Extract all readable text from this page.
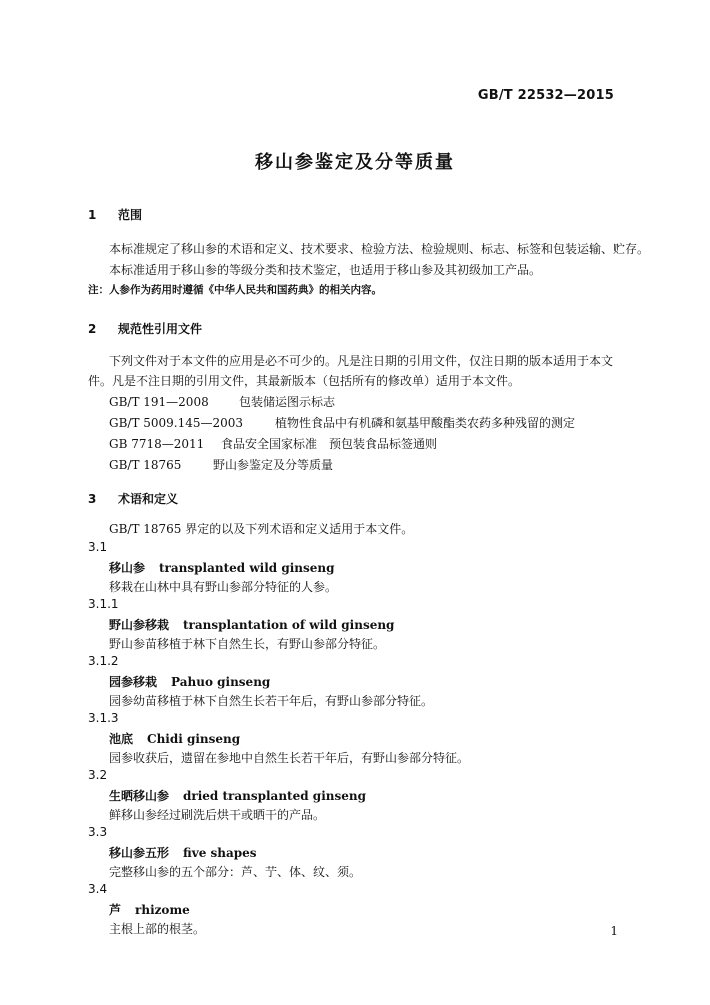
GB/T 22532—2015
移山参鉴定及分等质量
1 范围
本标准规定了移山参的术语和定义、技术要求、检验方法、检验规则、标志、标签和包装运输、贮存。
本标准适用于移山参的等级分类和技术鉴定，也适用于移山参及其初级加工产品。
注：人参作为药用时遵循《中华人民共和国药典》的相关内容。
2 规范性引用文件
下列文件对于本文件的应用是必不可少的。凡是注日期的引用文件，仅注日期的版本适用于本文
件。凡是不注日期的引用文件，其最新版本（包括所有的修改单）适用于本文件。
GB/T 191—2008	包装储运图示标志
GB/T 5009.145—2003	植物性食品中有机磷和氨基甲酸酯类农药多种残留的测定
GB 7718—2011 食品安全国家标准　预包装食品标签通则
GB/T 18765	野山参鉴定及分等质量
3 术语和定义
GB/T 18765 界定的以及下列术语和定义适用于本文件。
3.1
移山参 transplanted wild ginseng
移栽在山林中具有野山参部分特征的人参。
3.1.1
野山参移栽 transplantation of wild ginseng
野山参苗移植于林下自然生长，有野山参部分特征。
3.1.2
园参移栽 Pahuo ginseng
园参幼苗移植于林下自然生长若干年后，有野山参部分特征。
3.1.3
池底 Chidi ginseng
园参收获后，遗留在参地中自然生长若干年后，有野山参部分特征。
3.2
生晒移山参 dried transplanted ginseng
鲜移山参经过刷洗后烘干或晒干的产品。
3.3
移山参五形 five shapes
完整移山参的五个部分：芦、艼、体、纹、须。
3.4
芦 rhizome
主根上部的根茎。	1
